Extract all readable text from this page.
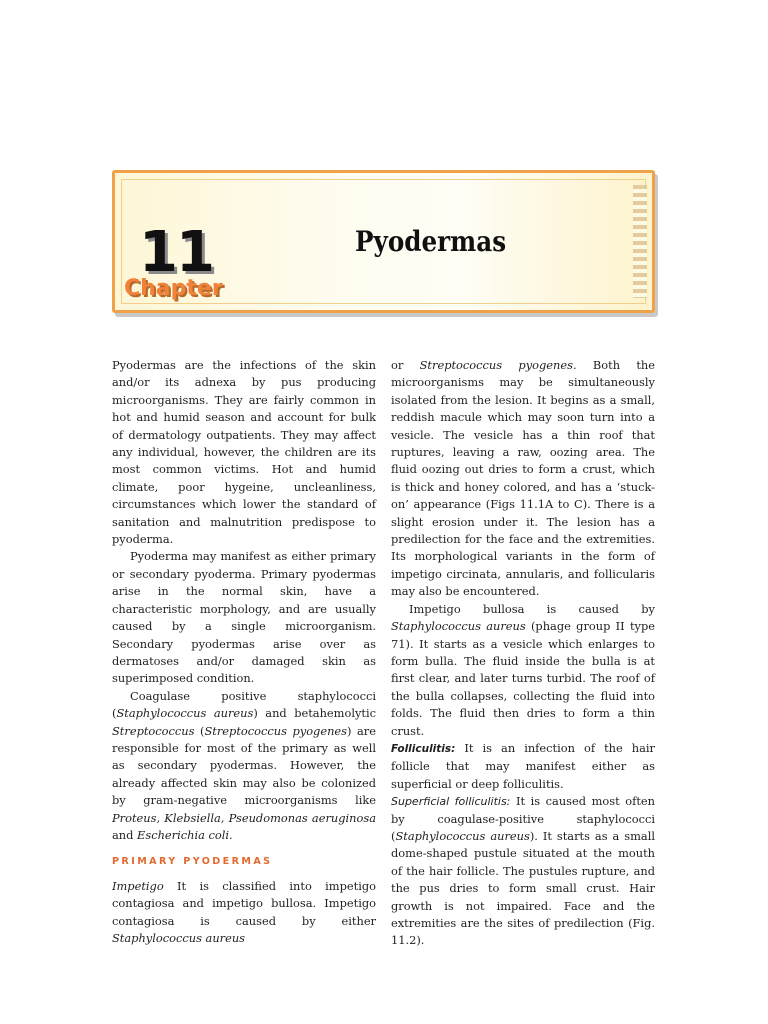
11
Chapter
Pyodermas

Pyodermas are the infections of the skin and/or its adnexa by pus producing microorganisms. They are fairly common in hot and humid season and account for bulk of dermatology outpatients. They may affect any individual, however, the children are its most common victims. Hot and humid climate, poor hygeine, uncleanliness, circumstances which lower the standard of sanitation and malnutrition predispose to pyoderma.

Pyoderma may manifest as either primary or secondary pyoderma. Primary pyodermas arise in the normal skin, have a characteristic morphology, and are usually caused by a single microorganism. Secondary pyodermas arise over as dermatoses and/or damaged skin as superimposed condition.

Coagulase positive staphylococci (Staphylococcus aureus) and betahemolytic Streptococcus (Streptococcus pyogenes) are responsible for most of the primary as well as secondary pyodermas. However, the already affected skin may also be colonized by gram-negative microorganisms like Proteus, Klebsiella, Pseudomonas aeruginosa and Escherichia coli.

PRIMARY PYODERMAS

Impetigo It is classified into impetigo contagiosa and impetigo bullosa. Impetigo contagiosa is caused by either Staphylococcus aureus

or Streptococcus pyogenes. Both the microorganisms may be simultaneously isolated from the lesion. It begins as a small, reddish macule which may soon turn into a vesicle. The vesicle has a thin roof that ruptures, leaving a raw, oozing area. The fluid oozing out dries to form a crust, which is thick and honey colored, and has a ‘stuck-on’ appearance (Figs 11.1A to C). There is a slight erosion under it. The lesion has a predilection for the face and the extremities. Its morphological variants in the form of impetigo circinata, annularis, and follicularis may also be encountered.

Impetigo bullosa is caused by Staphylococcus aureus (phage group II type 71). It starts as a vesicle which enlarges to form bulla. The fluid inside the bulla is at first clear, and later turns turbid. The roof of the bulla collapses, collecting the fluid into folds. The fluid then dries to form a thin crust.

Folliculitis: It is an infection of the hair follicle that may manifest either as superficial or deep folliculitis.

Superficial folliculitis: It is caused most often by coagulase-positive staphylococci (Staphylococcus aureus). It starts as a small dome-shaped pustule situated at the mouth of the hair follicle. The pustules rupture, and the pus dries to form small crust. Hair growth is not impaired. Face and the extremities are the sites of predilection (Fig. 11.2).
